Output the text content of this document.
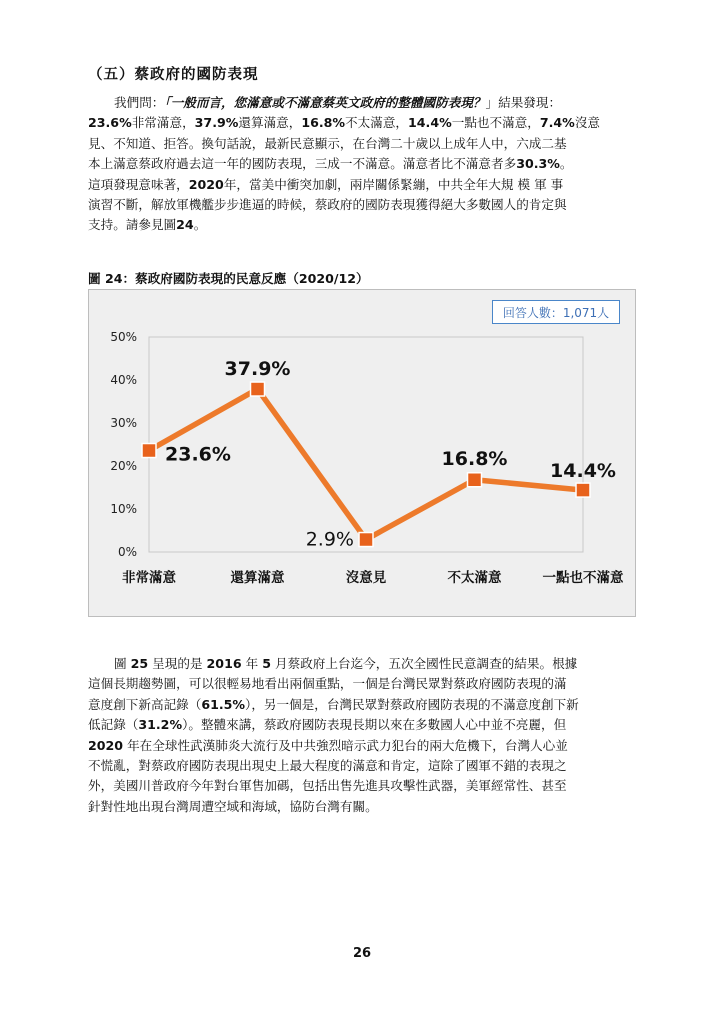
（五）蔡政府的國防表現
我們問：「一般而言，您滿意或不滿意蔡英文政府的整體國防表現？」結果發現：
23.6%非常滿意，37.9%還算滿意，16.8%不太滿意，14.4%一點也不滿意，7.4%沒意
見、不知道、拒答。換句話說，最新民意顯示，在台灣二十歲以上成年人中，六成二基
本上滿意蔡政府過去這一年的國防表現，三成一不滿意。滿意者比不滿意者多30.3%。
這項發現意味著，2020年，當美中衝突加劇，兩岸關係緊繃，中共全年大規 模 軍 事
演習不斷，解放軍機艦步步進逼的時候，蔡政府的國防表現獲得絕大多數國人的肯定與
支持。請參見圖24。
圖 24：蔡政府國防表現的民意反應（2020/12）
0%
10%
20%
30%
40%
50%
非常滿意	還算滿意	沒意見	不太滿意	一點也不滿意
23.6%
37.9%
2.9%
16.8%
14.4%
回答人數：1,071人
圖 25 呈現的是 2016 年 5 月蔡政府上台迄今，五次全國性民意調查的結果。根據
這個長期趨勢圖，可以很輕易地看出兩個重點，一個是台灣民眾對蔡政府國防表現的滿
意度創下新高記錄（61.5%），另一個是，台灣民眾對蔡政府國防表現的不滿意度創下新
低記錄（31.2%）。整體來講，蔡政府國防表現長期以來在多數國人心中並不亮麗，但
2020 年在全球性武漢肺炎大流行及中共強烈暗示武力犯台的兩大危機下，台灣人心並
不慌亂，對蔡政府國防表現出現史上最大程度的滿意和肯定，這除了國軍不錯的表現之
外，美國川普政府今年對台軍售加碼，包括出售先進具攻擊性武器，美軍經常性、甚至
針對性地出現台灣周遭空域和海域，協防台灣有關。
26
